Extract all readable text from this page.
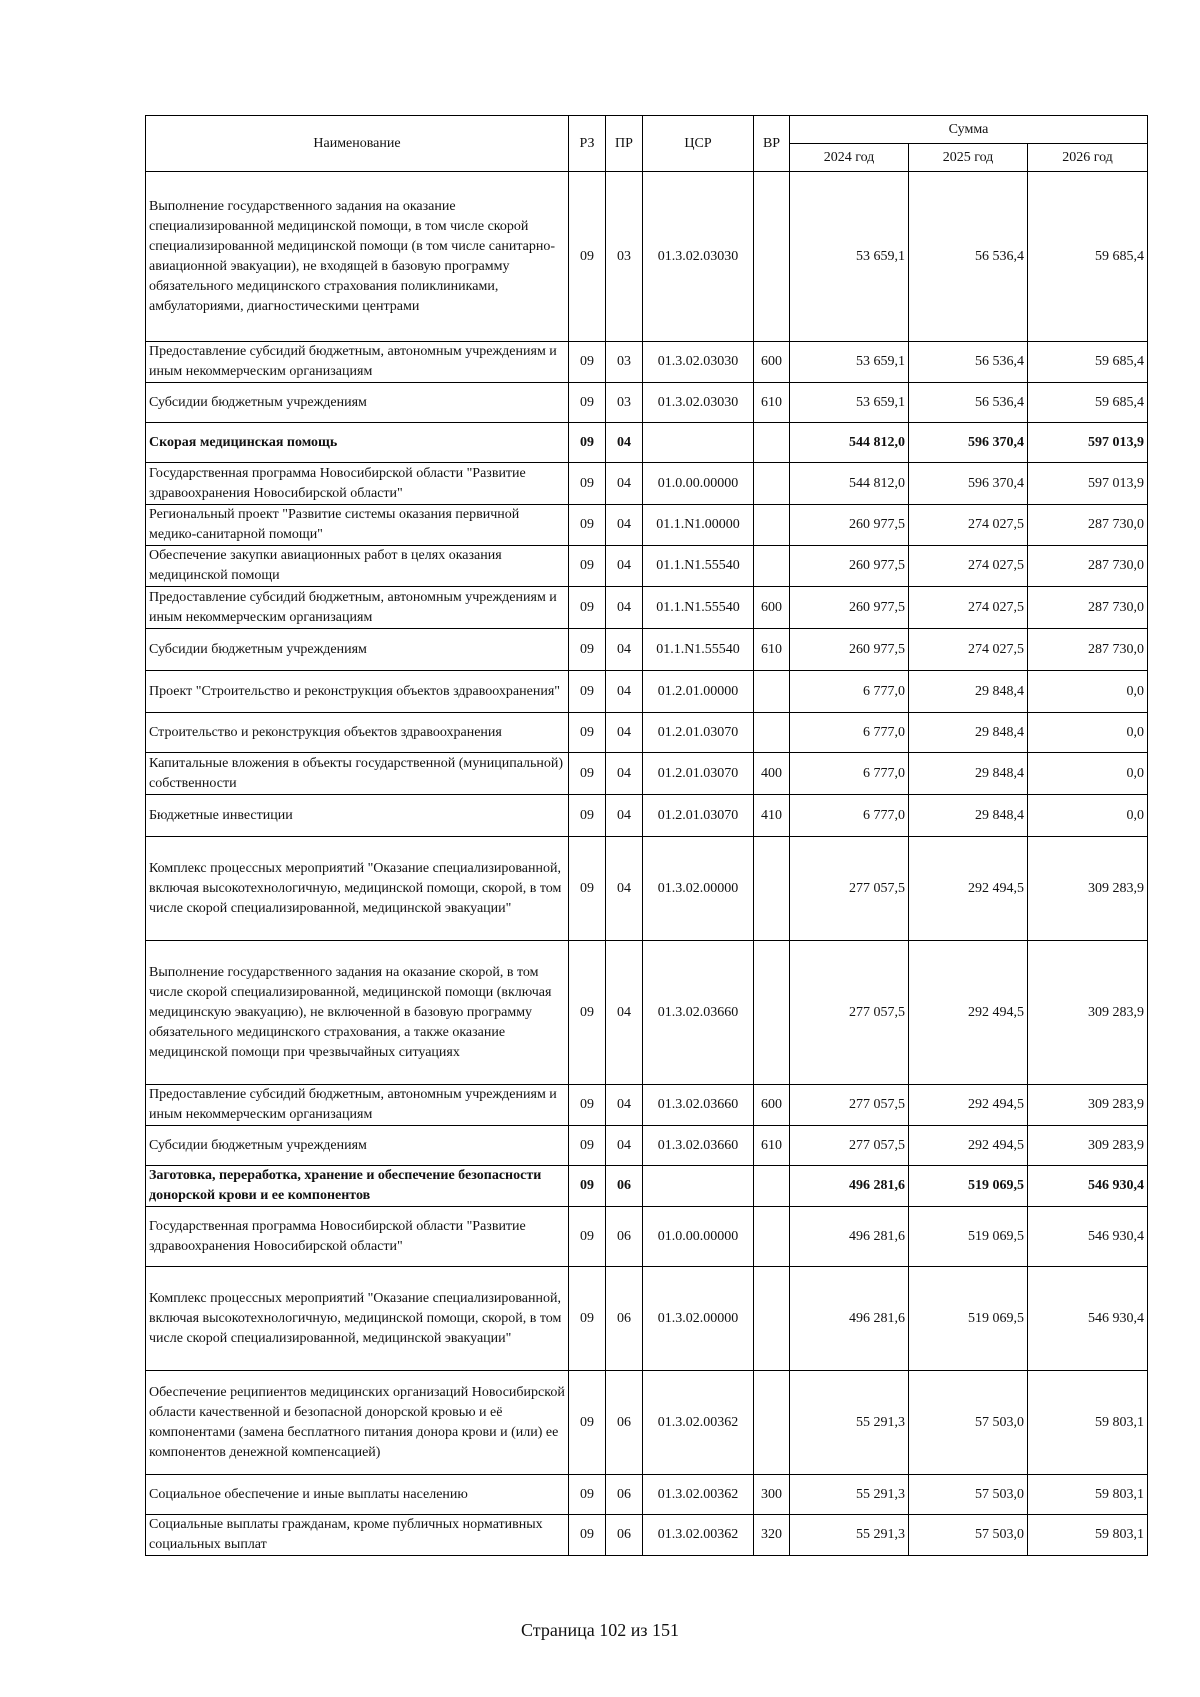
Наименование	РЗ	ПР	ЦСР	ВР	Сумма		
					2024 год	2025 год	2026 год
Выполнение государственного задания на оказание специализированной медицинской помощи, в том числе скорой специализированной медицинской помощи (в том числе санитарно-авиационной эвакуации), не входящей в базовую программу обязательного медицинского страхования поликлиниками, амбулаториями, диагностическими центрами	09	03	01.3.02.03030		53 659,1	56 536,4	59 685,4
Предоставление субсидий бюджетным, автономным учреждениям и иным некоммерческим организациям	09	03	01.3.02.03030	600	53 659,1	56 536,4	59 685,4
Субсидии бюджетным учреждениям	09	03	01.3.02.03030	610	53 659,1	56 536,4	59 685,4
Скорая медицинская помощь	09	04			544 812,0	596 370,4	597 013,9
Государственная программа Новосибирской области "Развитие здравоохранения Новосибирской области"	09	04	01.0.00.00000		544 812,0	596 370,4	597 013,9
Региональный проект "Развитие системы оказания первичной медико-санитарной помощи"	09	04	01.1.N1.00000		260 977,5	274 027,5	287 730,0
Обеспечение закупки авиационных работ в целях оказания медицинской помощи	09	04	01.1.N1.55540		260 977,5	274 027,5	287 730,0
Предоставление субсидий бюджетным, автономным учреждениям и иным некоммерческим организациям	09	04	01.1.N1.55540	600	260 977,5	274 027,5	287 730,0
Субсидии бюджетным учреждениям	09	04	01.1.N1.55540	610	260 977,5	274 027,5	287 730,0
Проект "Строительство и реконструкция объектов здравоохранения"	09	04	01.2.01.00000		6 777,0	29 848,4	0,0
Строительство и реконструкция объектов здравоохранения	09	04	01.2.01.03070		6 777,0	29 848,4	0,0
Капитальные вложения в объекты государственной (муниципальной) собственности	09	04	01.2.01.03070	400	6 777,0	29 848,4	0,0
Бюджетные инвестиции	09	04	01.2.01.03070	410	6 777,0	29 848,4	0,0
Комплекс процессных мероприятий "Оказание специализированной, включая высокотехнологичную, медицинской помощи, скорой, в том числе скорой специализированной, медицинской эвакуации"	09	04	01.3.02.00000		277 057,5	292 494,5	309 283,9
Выполнение государственного задания на оказание скорой, в том числе скорой специализированной, медицинской помощи (включая медицинскую эвакуацию), не включенной в базовую программу обязательного медицинского страхования, а также оказание медицинской помощи при чрезвычайных ситуациях	09	04	01.3.02.03660		277 057,5	292 494,5	309 283,9
Предоставление субсидий бюджетным, автономным учреждениям и иным некоммерческим организациям	09	04	01.3.02.03660	600	277 057,5	292 494,5	309 283,9
Субсидии бюджетным учреждениям	09	04	01.3.02.03660	610	277 057,5	292 494,5	309 283,9
Заготовка, переработка, хранение и обеспечение безопасности донорской крови и ее компонентов	09	06			496 281,6	519 069,5	546 930,4
Государственная программа Новосибирской области "Развитие здравоохранения Новосибирской области"	09	06	01.0.00.00000		496 281,6	519 069,5	546 930,4
Комплекс процессных мероприятий "Оказание специализированной, включая высокотехнологичную, медицинской помощи, скорой, в том числе скорой специализированной, медицинской эвакуации"	09	06	01.3.02.00000		496 281,6	519 069,5	546 930,4
Обеспечение реципиентов медицинских организаций Новосибирской области качественной и безопасной донорской кровью и её компонентами (замена бесплатного питания донора крови и (или) ее компонентов денежной компенсацией)	09	06	01.3.02.00362		55 291,3	57 503,0	59 803,1
Социальное обеспечение и иные выплаты населению	09	06	01.3.02.00362	300	55 291,3	57 503,0	59 803,1
Социальные выплаты гражданам, кроме публичных нормативных социальных выплат	09	06	01.3.02.00362	320	55 291,3	57 503,0	59 803,1
Страница 102 из 151
